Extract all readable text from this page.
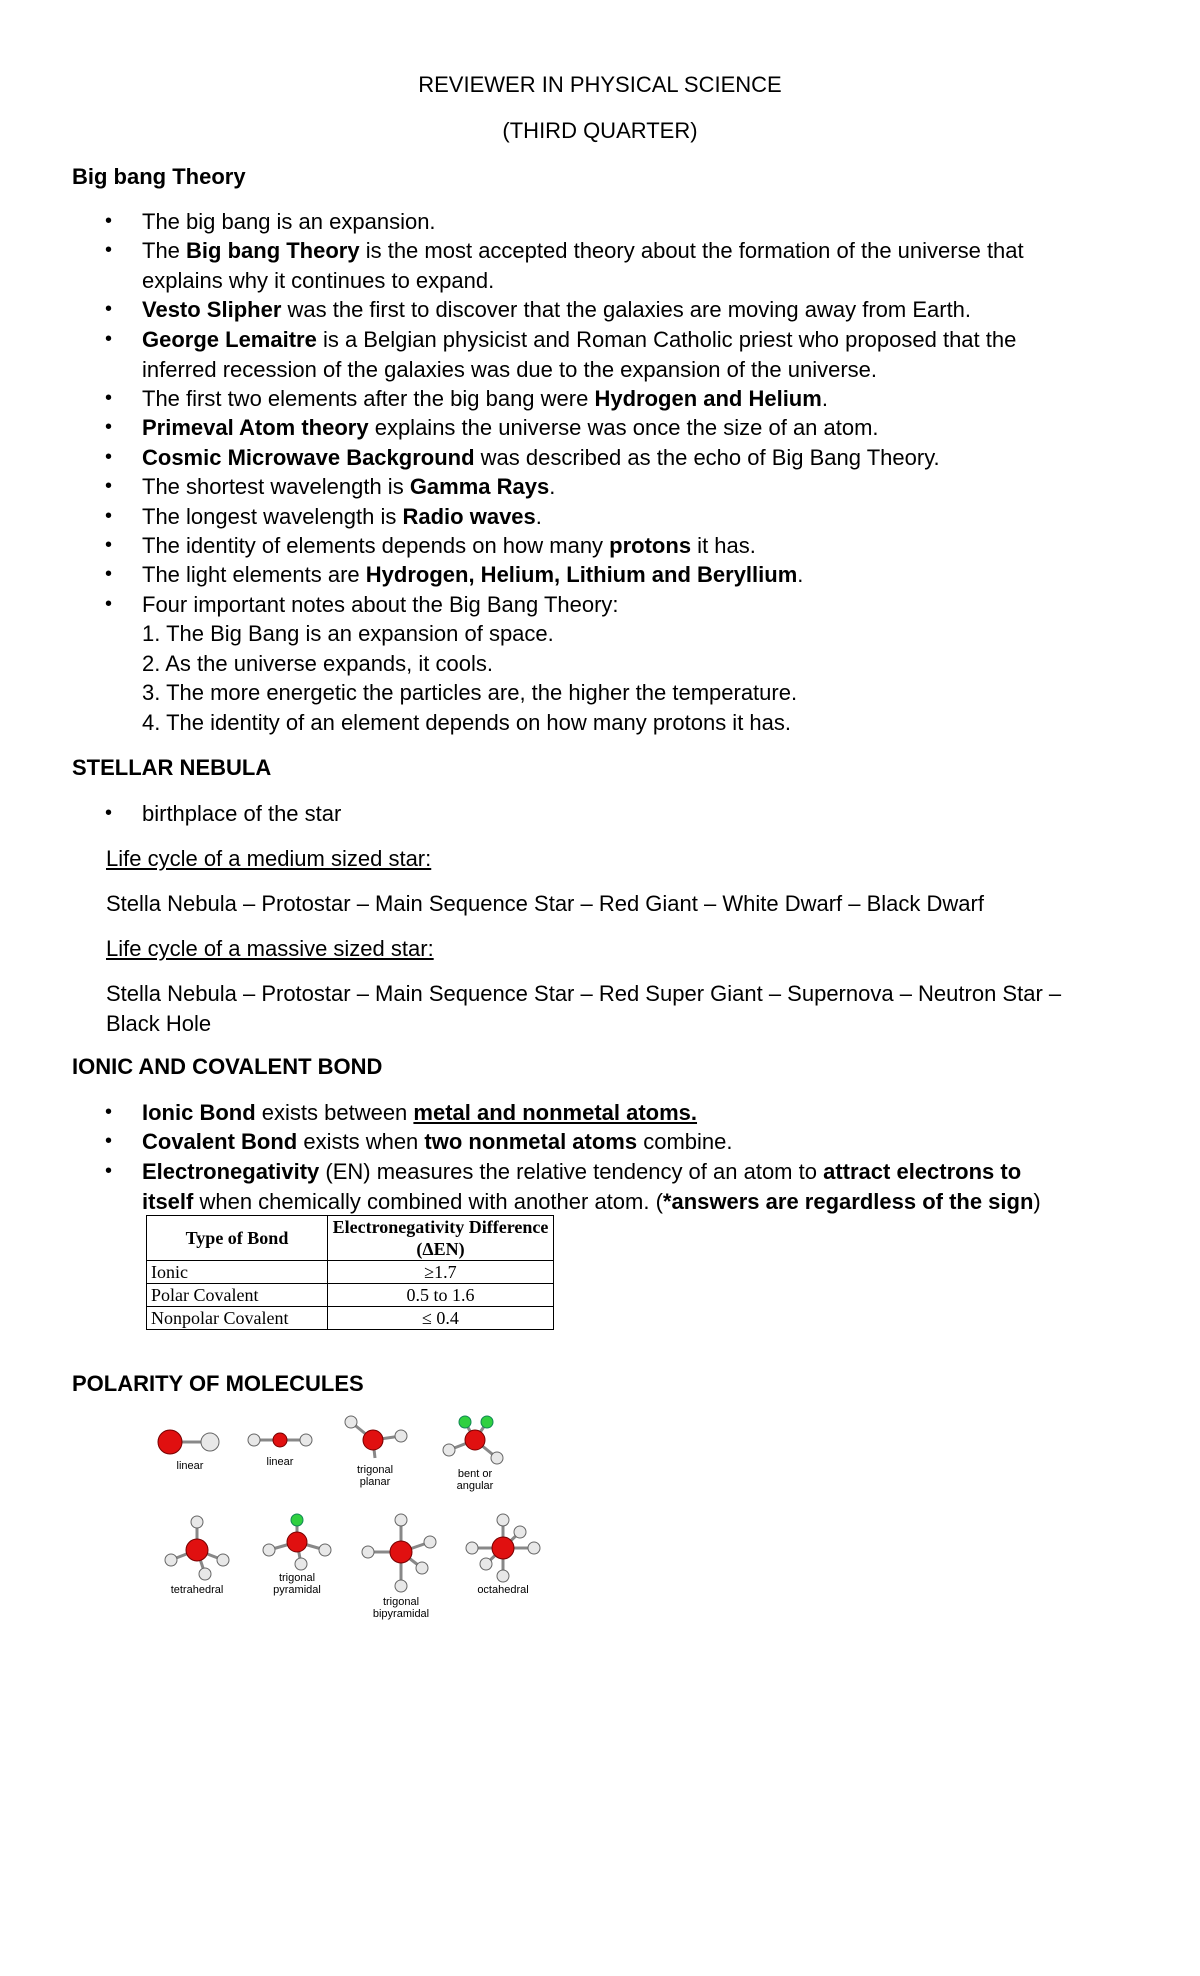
REVIEWER IN PHYSICAL SCIENCE
(THIRD QUARTER)
Big bang Theory
• The big bang is an expansion.
• The Big bang Theory is the most accepted theory about the formation of the universe that
explains why it continues to expand.
• Vesto Slipher was the first to discover that the galaxies are moving away from Earth.
• George Lemaitre is a Belgian physicist and Roman Catholic priest who proposed that the
inferred recession of the galaxies was due to the expansion of the universe.
• The first two elements after the big bang were Hydrogen and Helium.
• Primeval Atom theory explains the universe was once the size of an atom.
• Cosmic Microwave Background was described as the echo of Big Bang Theory.
• The shortest wavelength is Gamma Rays.
• The longest wavelength is Radio waves.
• The identity of elements depends on how many protons it has.
• The light elements are Hydrogen, Helium, Lithium and Beryllium.
• Four important notes about the Big Bang Theory:
1. The Big Bang is an expansion of space.
2. As the universe expands, it cools.
3. The more energetic the particles are, the higher the temperature.
4. The identity of an element depends on how many protons it has.
STELLAR NEBULA
• birthplace of the star
Life cycle of a medium sized star:
Stella Nebula – Protostar – Main Sequence Star – Red Giant – White Dwarf – Black Dwarf
Life cycle of a massive sized star:
Stella Nebula – Protostar – Main Sequence Star – Red Super Giant – Supernova – Neutron Star –
Black Hole
IONIC AND COVALENT BOND
• Ionic Bond exists between metal and nonmetal atoms.
• Covalent Bond exists when two nonmetal atoms combine.
• Electronegativity (EN) measures the relative tendency of an atom to attract electrons to
itself when chemically combined with another atom. (*answers are regardless of the sign)
Type of Bond	Electronegativity Difference
(ΔEN)
Ionic	≥1.7
Polar Covalent	0.5 to 1.6
Nonpolar Covalent	≤ 0.4
POLARITY OF MOLECULES
linear	linear
trigonal
planar
bent or
angular
tetrahedral
trigonal
pyramidal
trigonal
bipyramidal
octahedral
